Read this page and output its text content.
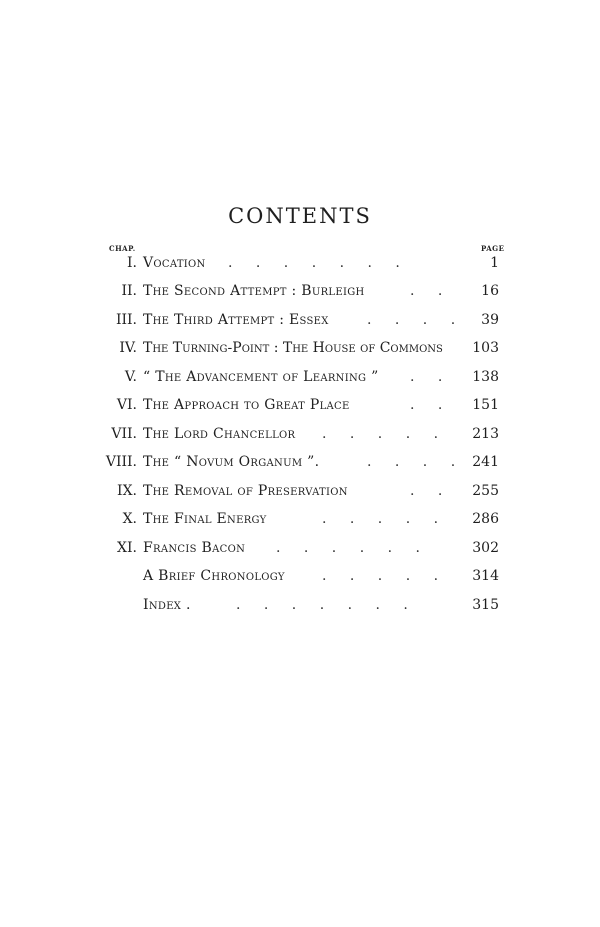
CONTENTS
CHAP.	PAGE
I. Vocation . . . . . . .	1
II. The Second Attempt : Burleigh	. .	16
III. The Third Attempt : Essex	. . . . 39
IV. The Turning-Point : The House of Commons 103
V. “ The Advancement of Learning ” . . 138
VI. The Approach to Great Place	. . 151
VII. The Lord Chancellor . . . . . 213
VIII. The “ Novum Organum ”.	. . . . 241
IX. The Removal of Preservation	. . 255
X. The Final Energy	. . . . . 286
XI. Francis Bacon . . . . . .	302
A Brief Chronology	. . . . . 314
Index .	. . . . . . .	315
